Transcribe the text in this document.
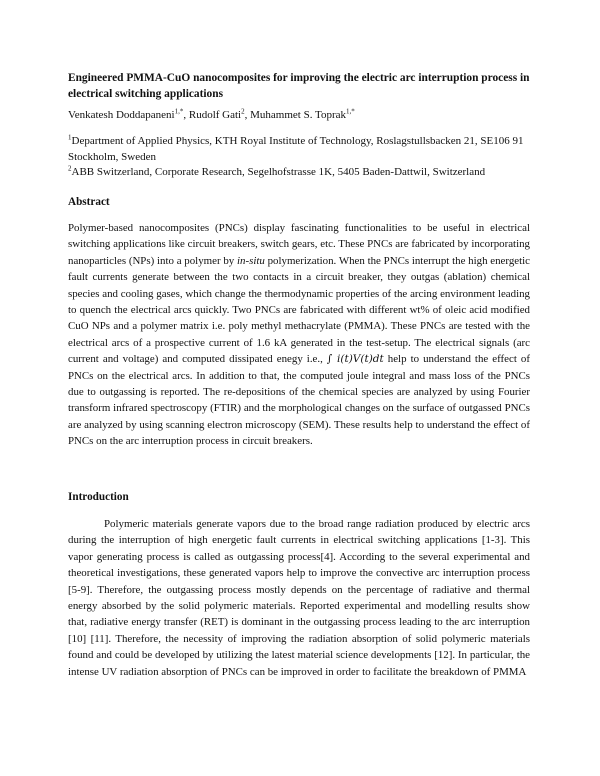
Engineered PMMA-CuO nanocomposites for improving the electric arc interruption process in electrical switching applications
Venkatesh Doddapaneni$^{1,*}$, Rudolf Gati$^2$, Muhammet S. Toprak$^{1,*}$

$^1$Department of Applied Physics, KTH Royal Institute of Technology, Roslagstullsbacken 21, SE106 91 Stockholm, Sweden

$^2$ABB Switzerland, Corporate Research, Segelhofstrasse 1K, 5405 Baden-Dattwil, Switzerland

Abstract
Polymer-based nanocomposites (PNCs) display fascinating functionalities to be useful in electrical switching applications like circuit breakers, switch gears, etc. These PNCs are fabricated by incorporating nanoparticles (NPs) into a polymer by in-situ polymerization. When the PNCs interrupt the high energetic fault currents generate between the two contacts in a circuit breaker, they outgas (ablation) chemical species and cooling gases, which change the thermodynamic properties of the arcing environment leading to quench the electrical arcs quickly. Two PNCs are fabricated with different wt% of oleic acid modified CuO NPs and a polymer matrix i.e. poly methyl methacrylate (PMMA). These PNCs are tested with the electrical arcs of a prospective current of 1.6 kA generated in the test-setup. The electrical signals (arc current and voltage) and computed dissipated enegy i.e., ∫ i(t)V(t)dt help to understand the effect of PNCs on the electrical arcs. In addition to that, the computed joule integral and mass loss of the PNCs due to outgassing is reported. The re-depositions of the chemical species are analyzed by using Fourier transform infrared spectroscopy (FTIR) and the morphological changes on the surface of outgassed PNCs are analyzed by using scanning electron microscopy (SEM). These results help to understand the effect of PNCs on the arc interruption process in circuit breakers.
Introduction
Polymeric materials generate vapors due to the broad range radiation produced by electric arcs during the interruption of high energetic fault currents in electrical switching applications [1-3]. This vapor generating process is called as outgassing process[4]. According to the several experimental and theoretical investigations, these generated vapors help to improve the convective arc interruption process [5-9]. Therefore, the outgassing process mostly depends on the percentage of radiative and thermal energy absorbed by the solid polymeric materials. Reported experimental and modelling results show that, radiative energy transfer (RET) is dominant in the outgassing process leading to the arc interruption [10] [11]. Therefore, the necessity of improving the radiation absorption of solid polymeric materials found and could be developed by utilizing the latest material science developments [12]. In particular, the intense UV radiation absorption of PNCs can be improved in order to facilitate the breakdown of PMMA
